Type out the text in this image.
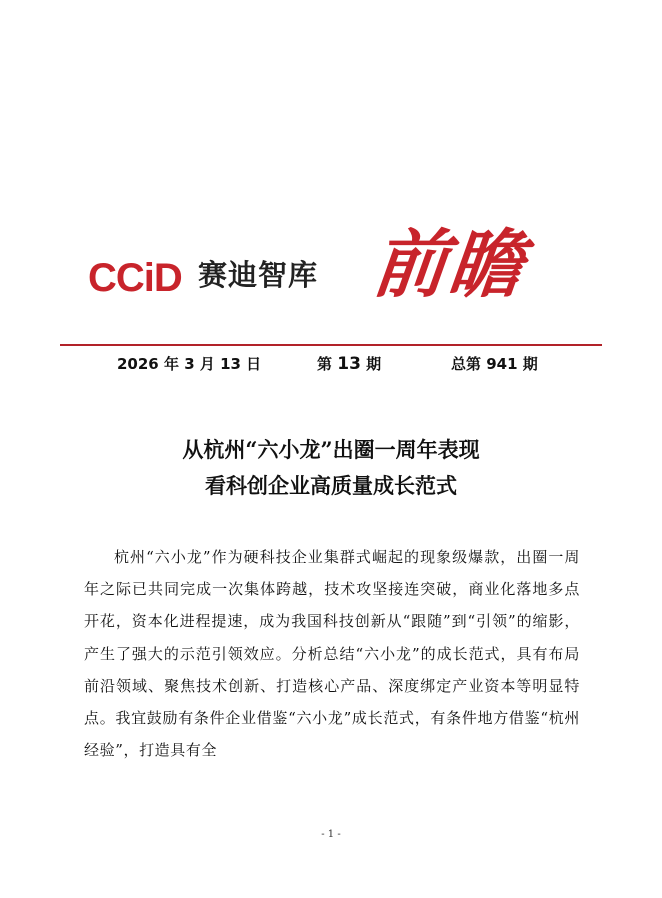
CCiD 赛迪智库 前瞻
2026 年 3 月 13 日	第 13 期	总第 941 期
从杭州“六小龙”出圈一周年表现
看科创企业高质量成长范式

杭州“六小龙”作为硬科技企业集群式崛起的现象级爆款，出圈一周年之际已共同完成一次集体跨越，技术攻坚接连突破，商业化落地多点开花，资本化进程提速，成为我国科技创新从“跟随”到“引领”的缩影，产生了强大的示范引领效应。分析总结“六小龙”的成长范式，具有布局前沿领域、聚焦技术创新、打造核心产品、深度绑定产业资本等明显特点。我宜鼓励有条件企业借鉴“六小龙”成长范式，有条件地方借鉴“杭州经验”，打造具有全

- 1 -
